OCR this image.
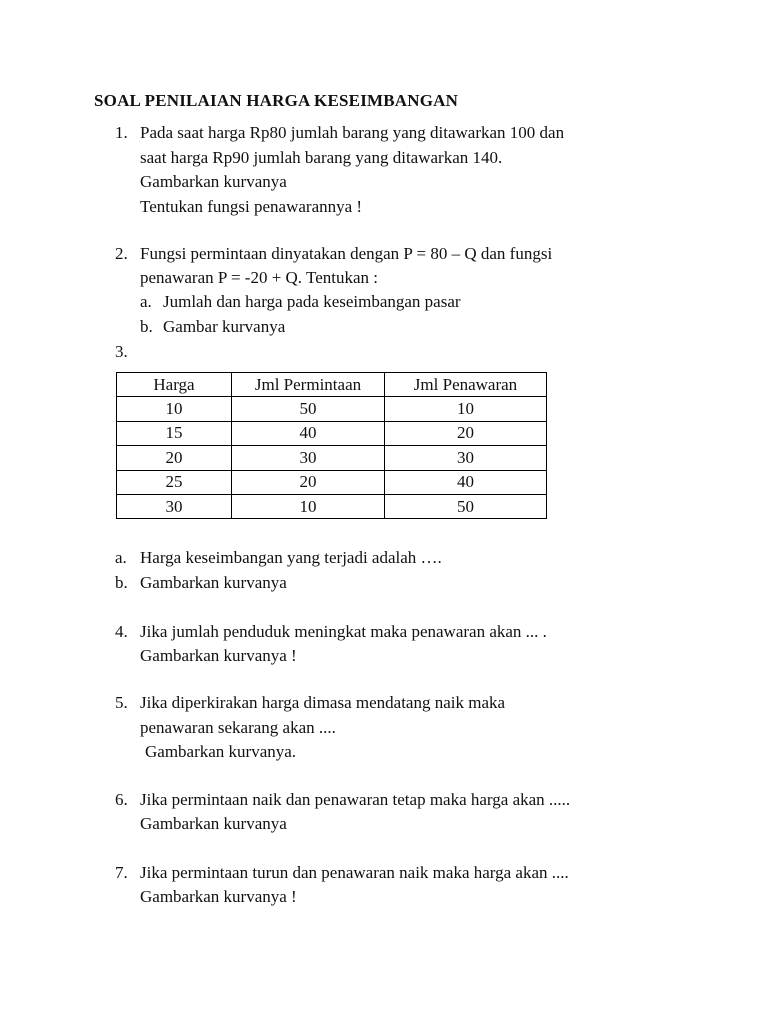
SOAL PENILAIAN HARGA KESEIMBANGAN
1. Pada saat harga Rp80 jumlah barang yang ditawarkan 100 dan
saat harga Rp90 jumlah barang yang ditawarkan 140.
Gambarkan kurvanya
Tentukan fungsi penawarannya !
2. Fungsi permintaan dinyatakan dengan P = 80 – Q dan fungsi
penawaran P = -20 + Q. Tentukan :
a. Jumlah dan harga pada keseimbangan pasar
b. Gambar kurvanya
3.
Harga	Jml Permintaan	Jml Penawaran
10	50	10
15	40	20
20	30	30
25	20	40
30	10	50
a. Harga keseimbangan yang terjadi adalah ….
b. Gambarkan kurvanya
4. Jika jumlah penduduk meningkat maka penawaran akan ... .
Gambarkan kurvanya !
5. Jika diperkirakan harga dimasa mendatang naik maka
penawaran sekarang akan ....
Gambarkan kurvanya.
6. Jika permintaan naik dan penawaran tetap maka harga akan .....
Gambarkan kurvanya
7. Jika permintaan turun dan penawaran naik maka harga akan ....
Gambarkan kurvanya !
